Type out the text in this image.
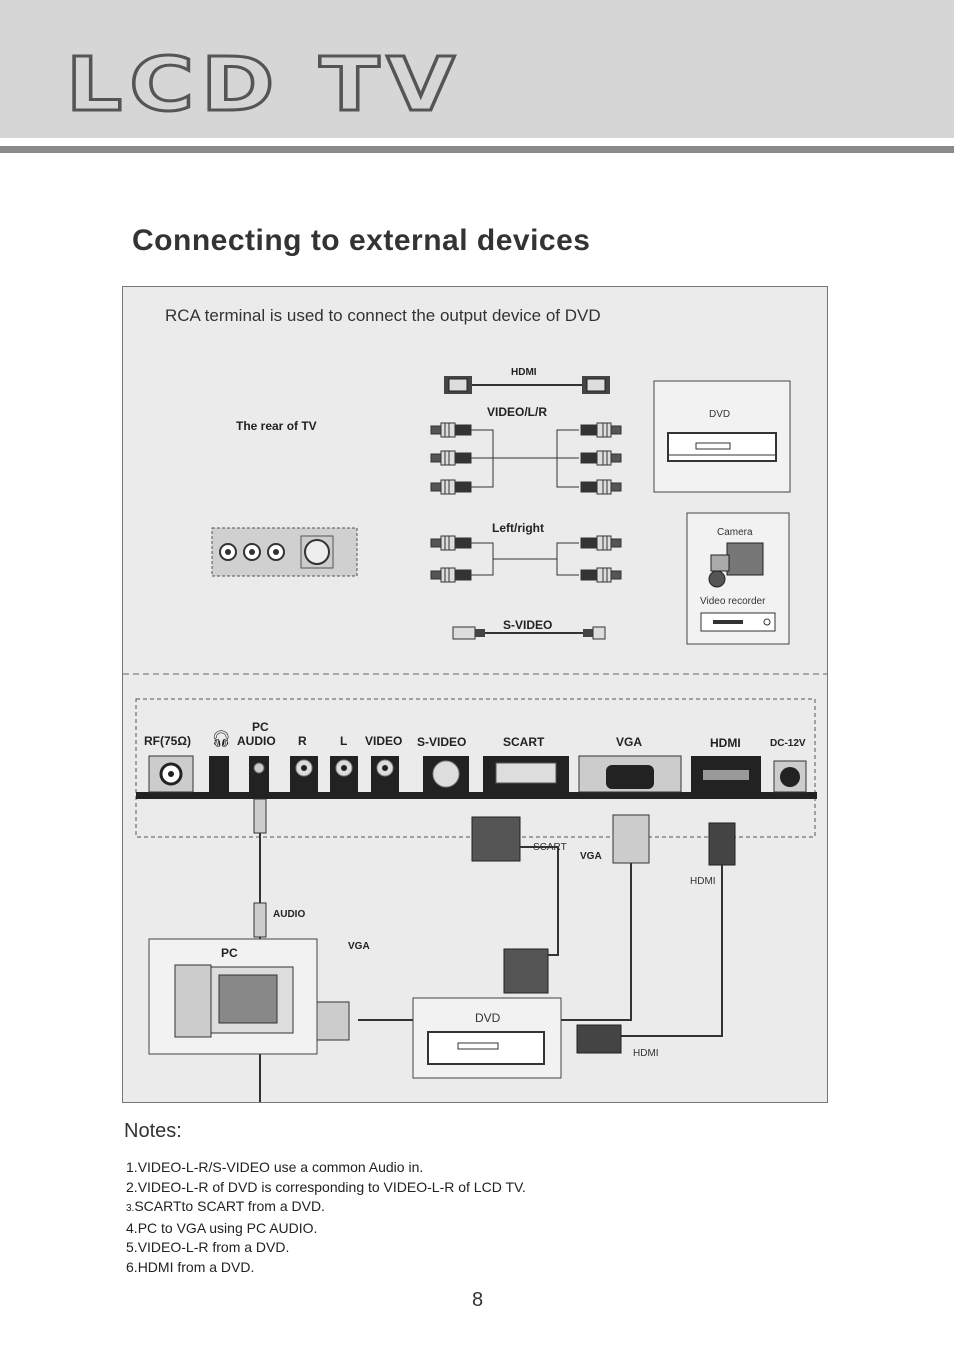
LCD TV
Connecting to external devices
RCA terminal is used to connect the output device of DVD
The rear of TV
HDMI
VIDEO/L/R
Left/right
S-VIDEO
DVD
Camera
Video recorder
RF(75Ω) 🎧︎
PC
AUDIO R	L VIDEO S-VIDEO	SCART	VGA	HDMI	DC-12V
SCART
VGA
HDMI
AUDIO
VGA
PC
DVD
HDMI
Notes:
1.VIDEO-L-R/S-VIDEO use a common Audio in.
2.VIDEO-L-R of DVD is corresponding to VIDEO-L-R of LCD TV.
3.SCARTto SCART from a DVD.
4.PC to VGA using PC AUDIO.
5.VIDEO-L-R from a DVD.
6.HDMI from a DVD.
8
